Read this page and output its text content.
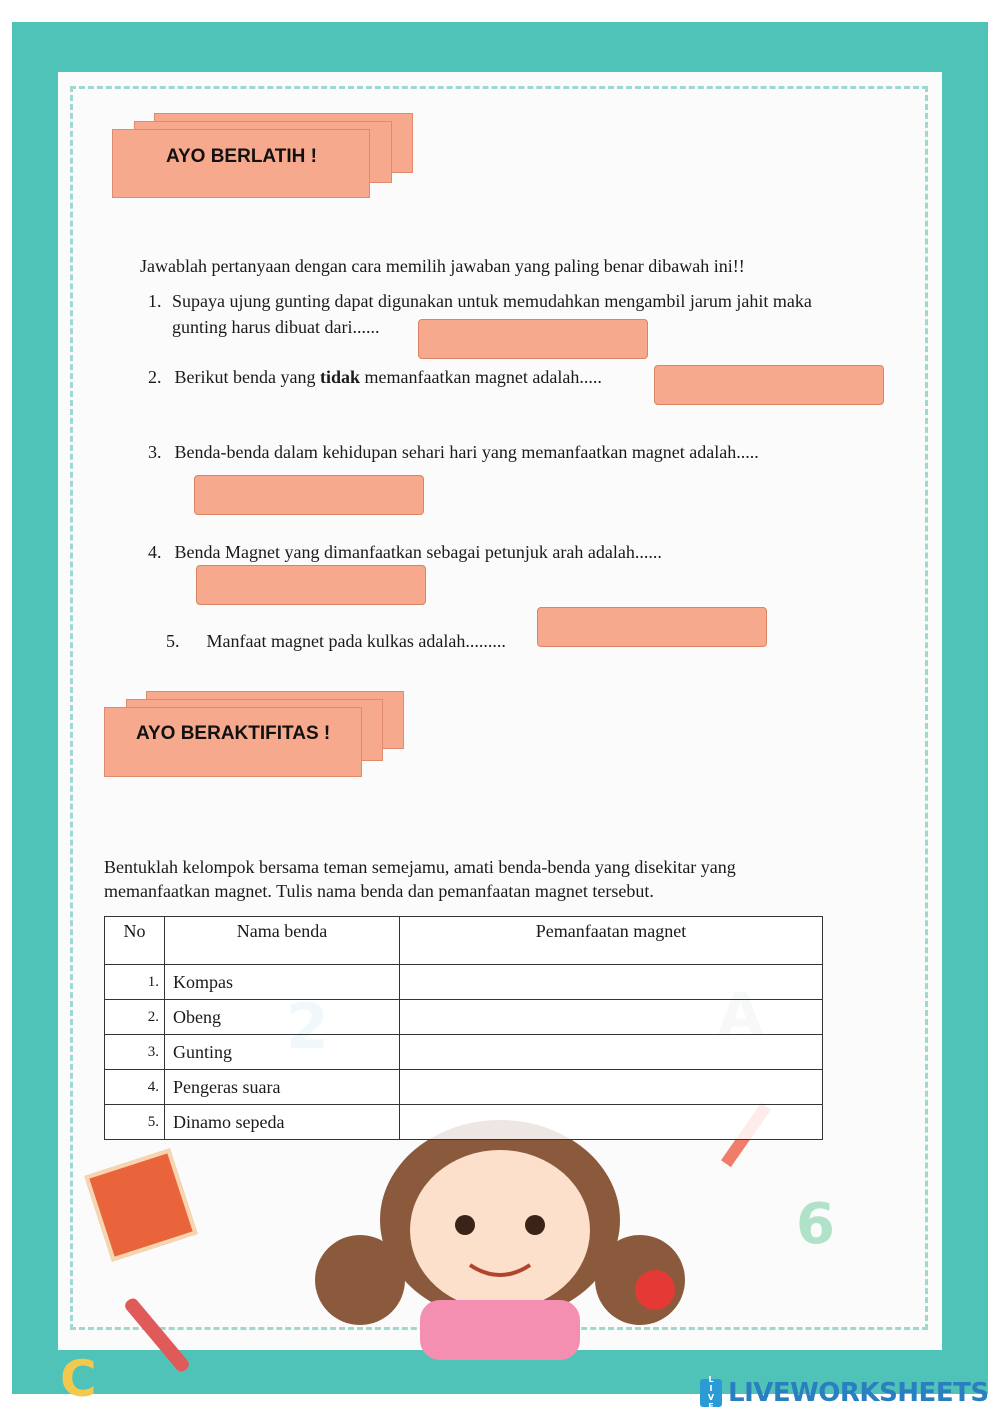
6
C
AYO BERLATIH !
Jawablah pertanyaan dengan cara memilih jawaban yang paling benar dibawah ini!!
1. Supaya ujung gunting dapat digunakan untuk memudahkan mengambil jarum jahit maka
gunting harus dibuat dari......
2. Berikut benda yang tidak memanfaatkan magnet adalah.....
3. Benda-benda dalam kehidupan sehari hari yang memanfaatkan magnet adalah.....
4. Benda Magnet yang dimanfaatkan sebagai petunjuk arah adalah......
5. Manfaat magnet pada kulkas adalah.........
AYO BERAKTIFITAS !
Bentuklah kelompok bersama teman semejamu, amati benda-benda yang disekitar yang
memanfaatkan magnet. Tulis nama benda dan pemanfaatan magnet tersebut.
No	Nama benda	Pemanfaatan magnet
1.	Kompas	
2.	Obeng	
3.	Gunting	
4.	Pengeras suara	
5.	Dinamo sepeda	
L
I
V
E LIVEWORKSHEETS
